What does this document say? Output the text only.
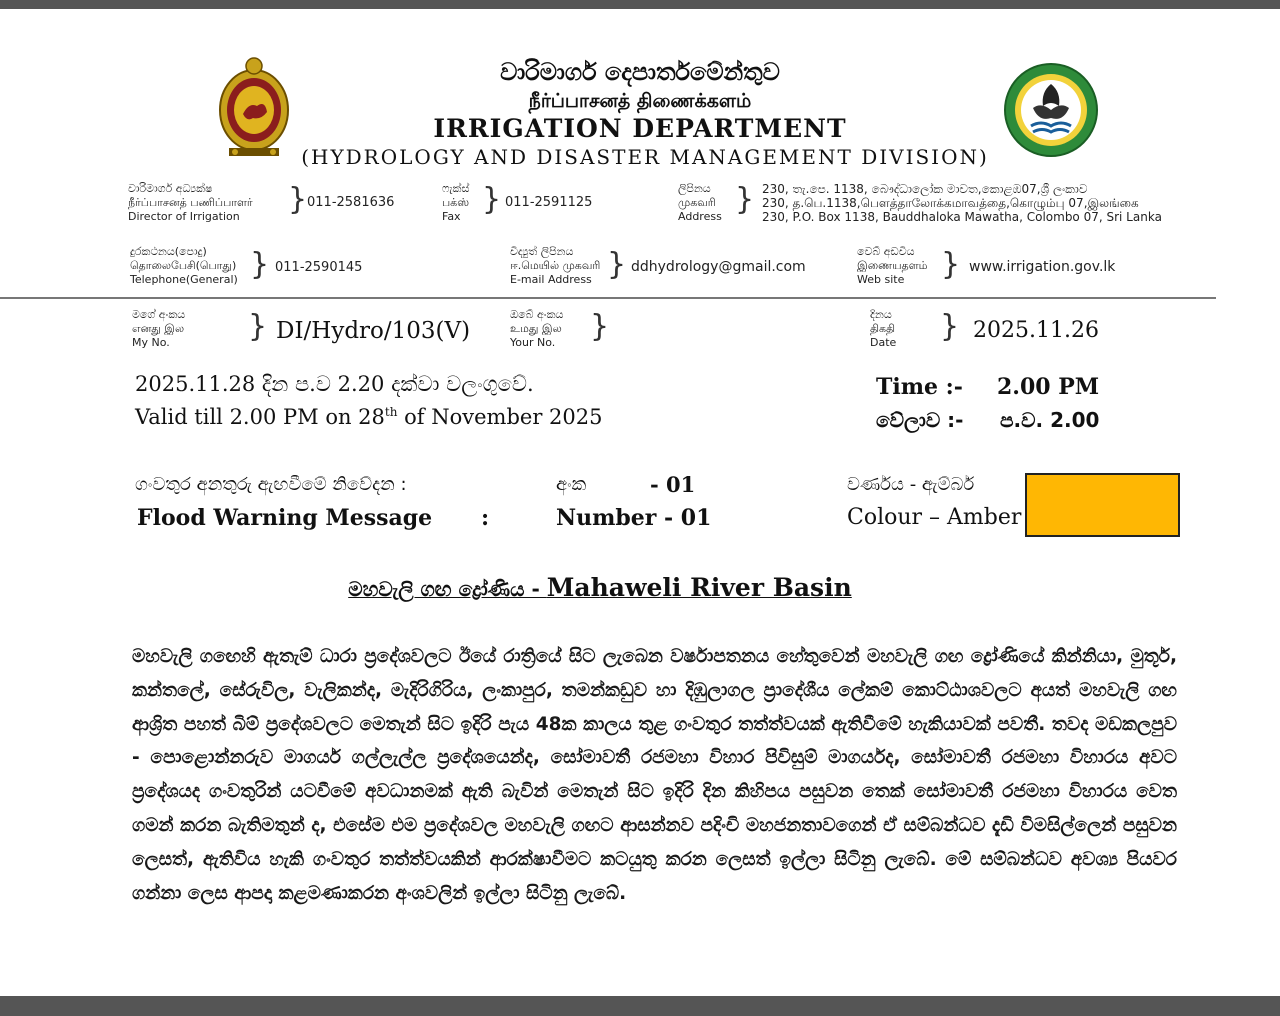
වාරිමාර්ග දෙපාර්තමේන්තුව
நீர்ப்பாசனத் திணைக்களம்
IRRIGATION DEPARTMENT
(HYDROLOGY AND DISASTER MANAGEMENT DIVISION)
වාරිමාර්ග අධ්‍යක්ෂ
நீர்ப்பாசனத் பணிப்பாளர்
Director of Irrigation	} 011-2581636
ෆැක්ස්
பக்ஸ்
Fax } 011-2591125
ලිපිනය
முகவரி
Address } 230, තැ.පෙ. 1138, බෞද්ධාලෝක මාවත,කොළඹ07,ශ්‍රී ලංකාව
230, த.பெ.1138,பௌத்தாலோக்கமாவத்தை,கொழும்பு 07,இலங்கை
230, P.O. Box 1138, Bauddhaloka Mawatha, Colombo 07, Sri Lanka
දුරකථනය(පොදු)
தொலைபேசி(பொது)
Telephone(General) } 011-2590145
විද්‍යුත් ලිපිනය
ஈ.மெயில் முகவரி
E-mail Address } ddhydrology@gmail.com
වෙබ් අඩවිය
இணையதளம்
Web site	} www.irrigation.gov.lk
මගේ අංකය
எனது இல
My No.	} DI/Hydro/103(V)
ඔබේ අංකය
உமது இல
Your No. }	දිනය
திகதி
Date } 2025.11.26
2025.11.28 දින ප.ව 2.20 දක්වා වලංගුවේ.
Valid till 2.00 PM on 28th of November 2025
Time :- 2.00 PM
වේලාව :- ප.ව. 2.00
ගංවතුර අනතුරු ඇඟවීමේ නිවේදන :	අංක	- 01	වර්ණය - ඇම්බර්
Flood Warning Message :	Number - 01	Colour – Amber
මහවැලි ගඟ ද්‍රෝණිය - Mahaweli River Basin
මහවැලි ගඟෙහි ඇතැම් ධාරා ප්‍රදේශවලට ඊයේ රාත්‍රියේ සිට ලැබෙන වර්ෂාපතනය හේතුවෙන් මහවැලි ගඟ ද්‍රෝණියේ කින්නියා, මුතූර්, කන්තලේ, සේරුවිල, වැලිකන්ද, මැදිරිගිරිය, ලංකාපුර, තමන්කඩුව හා දිඹුලාගල ප්‍රාදේශීය ලේකම් කොට්ඨාශවලට අයත් මහවැලි ගඟ ආශ්‍රිත පහත් බිම් ප්‍රදේශවලට මෙතැන් සිට ඉදිරි පැය 48ක කාලය තුළ ගංවතුර තත්ත්වයක් ඇතිවීමේ හැකියාවක් පවතී. තවද මඩකලපුව - පොළොන්නරුව මාගර්ය ගල්ලැල්ල ප්‍රදේශයෙන්ද, සෝමාවතී රජමහා විහාර පිවිසුම් මාගර්යද, සෝමාවතී රජමහා විහාරය අවට ප්‍රදේශයද ගංවතුරින් යටවීමේ අවධානමක් ඇති බැවින් මෙතැන් සිට ඉදිරි දින කිහිපය පසුවන තෙක් සෝමාවතී රජමහා විහාරය වෙත ගමන් කරන බැතිමතුන් ද, එසේම එම ප්‍රදේශවල මහවැලි ගඟට ආසන්නව පදිංචි මහජනතාවගෙන් ඒ සම්බන්ධව දැඩි විමසිල්ලෙන් පසුවන ලෙසත්, ඇතිවිය හැකි ගංවතුර තත්ත්වයකින් ආරක්ෂාවීමට කටයුතු කරන ලෙසත් ඉල්ලා සිටිනු ලැබේ. මේ සම්බන්ධව අවශ්‍ය පියවර ගන්නා ලෙස ආපදා කළමණාකරන අංශවලින් ඉල්ලා සිටිනු ලැබේ.
